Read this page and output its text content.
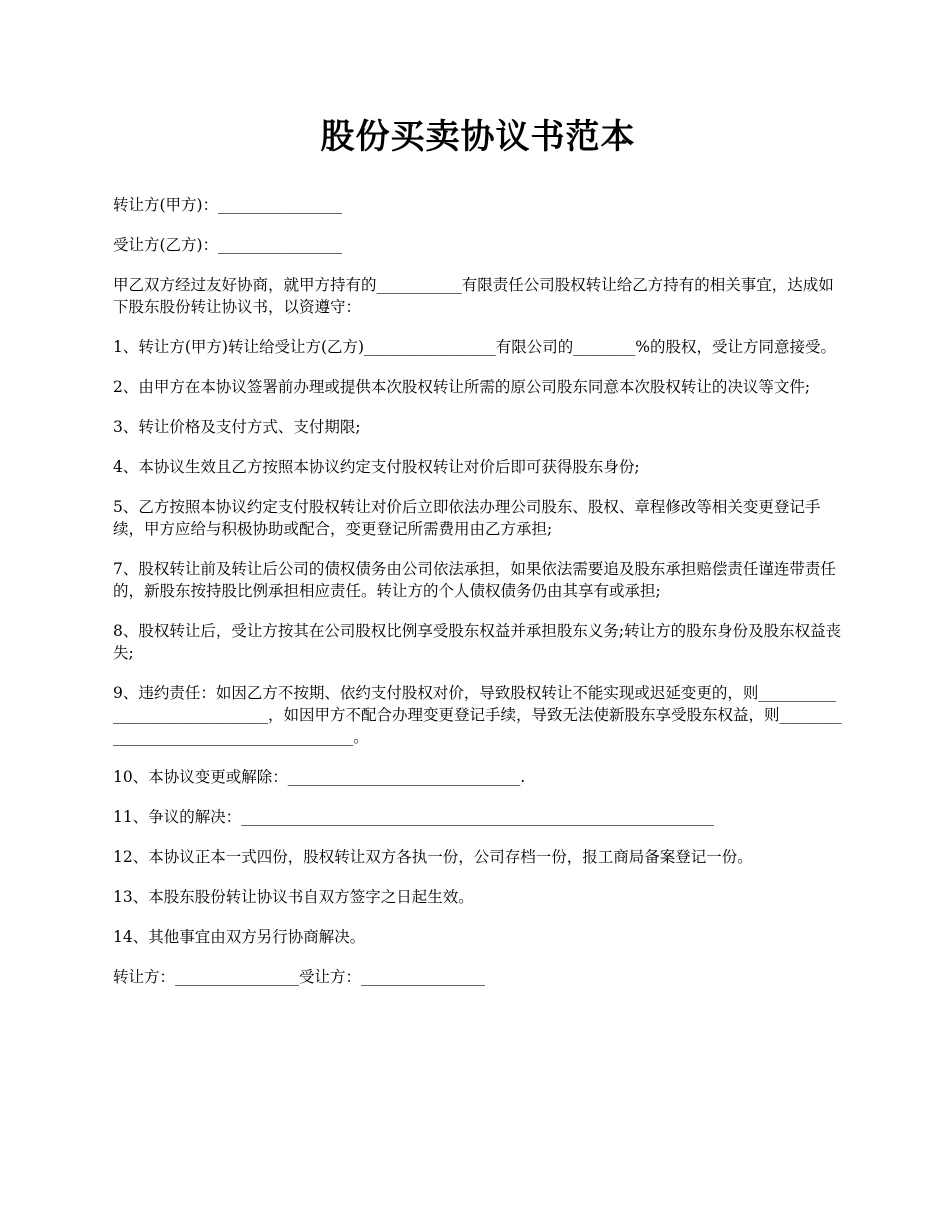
股份买卖协议书范本

转让方(甲方)：________________

受让方(乙方)：________________

甲乙双方经过友好协商，就甲方持有的___________有限责任公司股权转让给乙方持有的相关事宜，达成如下股东股份转让协议书，以资遵守：

1、转让方(甲方)转让给受让方(乙方)_________________有限公司的________%的股权，受让方同意接受。

2、由甲方在本协议签署前办理或提供本次股权转让所需的原公司股东同意本次股权转让的决议等文件;

3、转让价格及支付方式、支付期限;

4、本协议生效且乙方按照本协议约定支付股权转让对价后即可获得股东身份;

5、乙方按照本协议约定支付股权转让对价后立即依法办理公司股东、股权、章程修改等相关变更登记手续，甲方应给与积极协助或配合，变更登记所需费用由乙方承担;

7、股权转让前及转让后公司的债权债务由公司依法承担，如果依法需要追及股东承担赔偿责任谨连带责任的，新股东按持股比例承担相应责任。转让方的个人债权债务仍由其享有或承担;

8、股权转让后，受让方按其在公司股权比例享受股东权益并承担股东义务;转让方的股东身份及股东权益丧失;

9、违约责任：如因乙方不按期、依约支付股权对价，导致股权转让不能实现或迟延变更的，则______________________________，如因甲方不配合办理变更登记手续，导致无法使新股东享受股东权益，则_______________________________________。

10、本协议变更或解除：______________________________.

11、争议的解决：_____________________________________________________________

12、本协议正本一式四份，股权转让双方各执一份，公司存档一份，报工商局备案登记一份。

13、本股东股份转让协议书自双方签字之日起生效。

14、其他事宜由双方另行协商解决。

转让方：________________受让方：________________
